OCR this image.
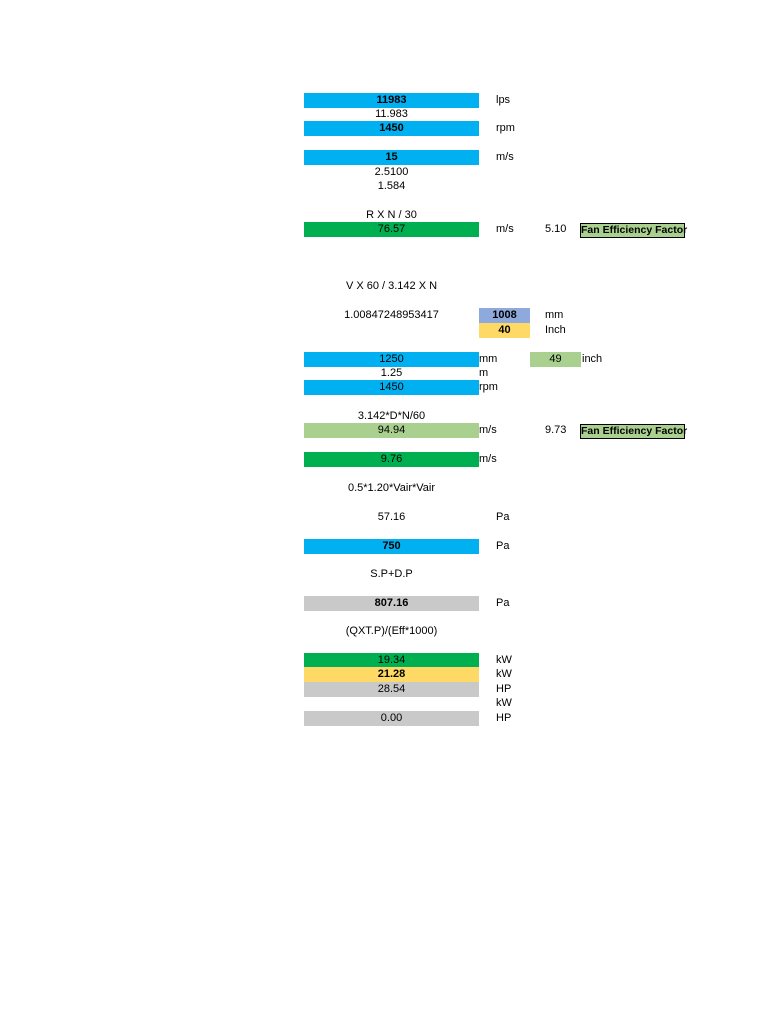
11983	lps
11.983
1450	rpm
15	m/s
2.5100
1.584
R X N / 30
76.57	m/s	5.10 Fan Efficiency Factor
V X 60 / 3.142 X N
1.00847248953417	1008	mm
40	Inch
1250	mm	49	inch
1.25	m
1450	rpm
3.142*D*N/60
94.94	m/s	9.73 Fan Efficiency Factor
9.76	m/s
0.5*1.20*Vair*Vair
57.16	Pa
750	Pa
S.P+D.P
807.16	Pa
(QXT.P)/(Eff*1000)
19.34	kW
21.28	kW
28.54	HP
kW
0.00	HP
